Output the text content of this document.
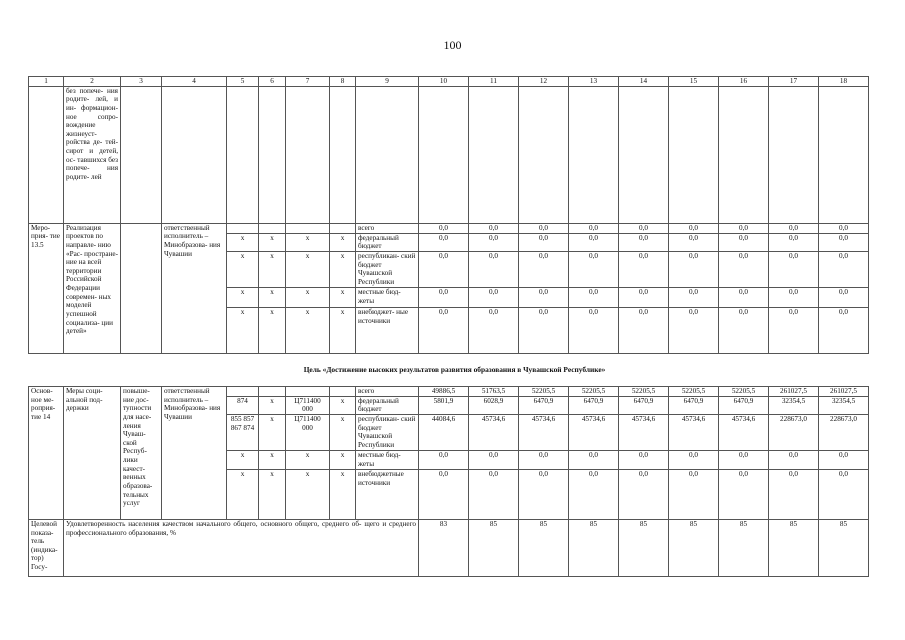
100
1	2	3	4	5	6	7	8	9	10	11	12	13	14	15	16	17	18
	без попече- ния родите- лей, и ин- формацион- ное сопро- вождение жизнеуст- ройства де- тей-сирот и детей, ос- тавшихся без попече- ния родите- лей																
Меро- прия- тие 13.5	Реализация проектов по направле- нию «Рас- простране- ние на всей территории Российской Федерации современ- ных моделей успешной социализа- ции детей»		ответственный исполнитель – Минобразова- ния Чувашии					всего	0,0	0,0	0,0	0,0	0,0	0,0	0,0	0,0	0,0
				x	x	x	x	федеральный бюджет	0,0	0,0	0,0	0,0	0,0	0,0	0,0	0,0	0,0
				x	x	x	x	республикан- ский бюджет Чувашской Республики	0,0	0,0	0,0	0,0	0,0	0,0	0,0	0,0	0,0
				x	x	x	x	местные бюд- жеты	0,0	0,0	0,0	0,0	0,0	0,0	0,0	0,0	0,0
				x	x	x	x	внебюджет- ные источники	0,0	0,0	0,0	0,0	0,0	0,0	0,0	0,0	0,0
Цель «Достижение высоких результатов развития образования в Чувашской Республике»
Основ- ное ме- роприя- тие 14	Меры соци- альной под- держки	повыше- ние дос- тупности для насе- ления Чуваш- ской Респуб- лики качест- венных образова- тельных услуг	ответственный исполнитель – Минобразова- ния Чувашии					всего	49886,5	51763,5	52205,5	52205,5	52205,5	52205,5	52205,5	261027,5	261027,5
				874	x	Ц711400 000	x	федеральный бюджет	5801,9	6028,9	6470,9	6470,9	6470,9	6470,9	6470,9	32354,5	32354,5
				855 857 867 874	x	Ц711400 000	x	республикан- ский бюджет Чувашской Республики	44084,6	45734,6	45734,6	45734,6	45734,6	45734,6	45734,6	228673,0	228673,0
				x	x	x	x	местные бюд- жеты	0,0	0,0	0,0	0,0	0,0	0,0	0,0	0,0	0,0
				x	x	x	x	внебюджетные источники	0,0	0,0	0,0	0,0	0,0	0,0	0,0	0,0	0,0
Целевой показа- тель (индика- тор) Госу-	Удовлетворенность населения качеством начального общего, основного общего, среднего об- щего и среднего профессионального образования, %								83	85	85	85	85	85	85	85	85
